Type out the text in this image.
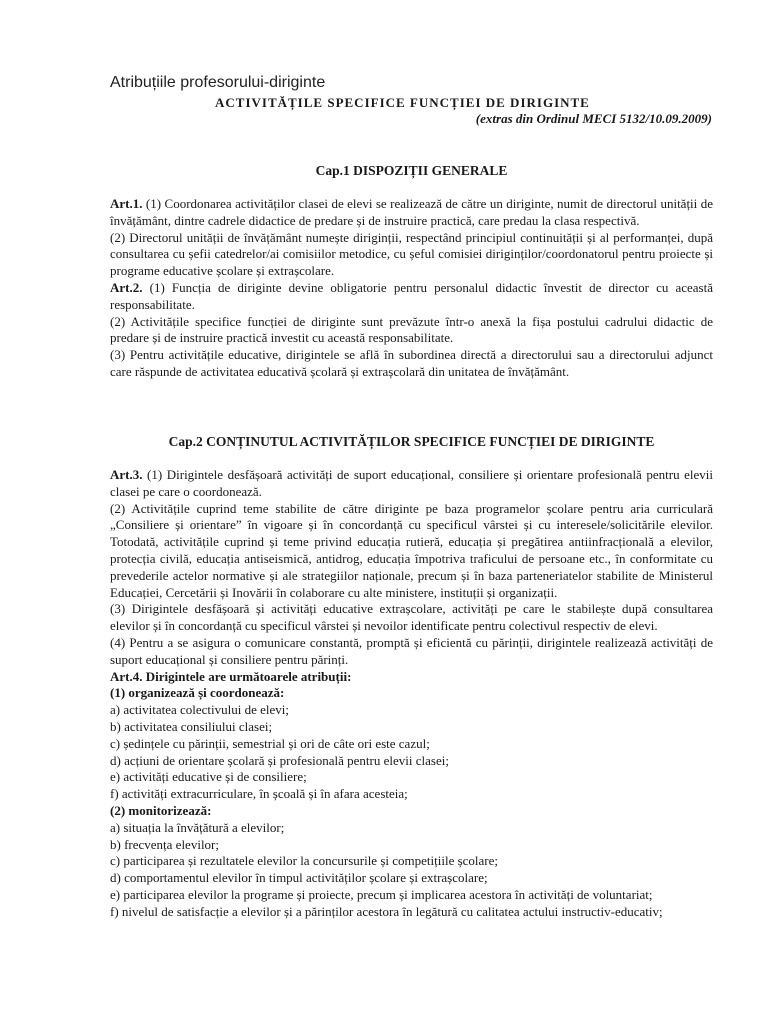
Atribuțiile profesorului-diriginte
ACTIVITĂȚILE SPECIFICE FUNCȚIEI DE DIRIGINTE
(extras din Ordinul MECI 5132/10.09.2009)
Cap.1 DISPOZIȚII GENERALE

Art.1. (1) Coordonarea activităților clasei de elevi se realizează de către un diriginte, numit de directorul unității de învățământ, dintre cadrele didactice de predare și de instruire practică, care predau la clasa respectivă.

(2) Directorul unității de învățământ numește diriginții, respectând principiul continuității și al performanței, după consultarea cu șefii catedrelor/ai comisiilor metodice, cu șeful comisiei diriginților/coordonatorul pentru proiecte și programe educative școlare și extrașcolare.

Art.2. (1) Funcția de diriginte devine obligatorie pentru personalul didactic învestit de director cu această responsabilitate.

(2) Activitățile specifice funcției de diriginte sunt prevăzute într-o anexă la fișa postului cadrului didactic de predare și de instruire practică investit cu această responsabilitate.

(3) Pentru activitățile educative, dirigintele se află în subordinea directă a directorului sau a directorului adjunct care răspunde de activitatea educativă școlară și extrașcolară din unitatea de învățământ.

Cap.2 CONȚINUTUL ACTIVITĂȚILOR SPECIFICE FUNCȚIEI DE DIRIGINTE

Art.3. (1) Dirigintele desfășoară activități de suport educațional, consiliere și orientare profesională pentru elevii clasei pe care o coordonează.

(2) Activitățile cuprind teme stabilite de către diriginte pe baza programelor școlare pentru aria curriculară „Consiliere și orientare” în vigoare și în concordanță cu specificul vârstei și cu interesele/solicitările elevilor. Totodată, activitățile cuprind și teme privind educația rutieră, educația și pregătirea antiinfracțională a elevilor, protecția civilă, educația antiseismică, antidrog, educația împotriva traficului de persoane etc., în conformitate cu prevederile actelor normative și ale strategiilor naționale, precum și în baza parteneriatelor stabilite de Ministerul Educației, Cercetării și Inovării în colaborare cu alte ministere, instituții și organizații.

(3) Dirigintele desfășoară și activități educative extrașcolare, activități pe care le stabilește după consultarea elevilor și în concordanță cu specificul vârstei și nevoilor identificate pentru colectivul respectiv de elevi.

(4) Pentru a se asigura o comunicare constantă, promptă și eficientă cu părinții, dirigintele realizează activități de suport educațional și consiliere pentru părinți.

Art.4. Dirigintele are următoarele atribuții:

(1) organizează și coordonează:

a) activitatea colectivului de elevi;

b) activitatea consiliului clasei;

c) ședințele cu părinții, semestrial și ori de câte ori este cazul;

d) acțiuni de orientare școlară și profesională pentru elevii clasei;

e) activități educative și de consiliere;

f) activități extracurriculare, în școală și în afara acesteia;

(2) monitorizează:

a) situația la învățătură a elevilor;

b) frecvența elevilor;

c) participarea și rezultatele elevilor la concursurile și competițiile școlare;

d) comportamentul elevilor în timpul activităților școlare și extrașcolare;

e) participarea elevilor la programe și proiecte, precum și implicarea acestora în activități de voluntariat;

f) nivelul de satisfacție a elevilor și a părinților acestora în legătură cu calitatea actului instructiv-educativ;
